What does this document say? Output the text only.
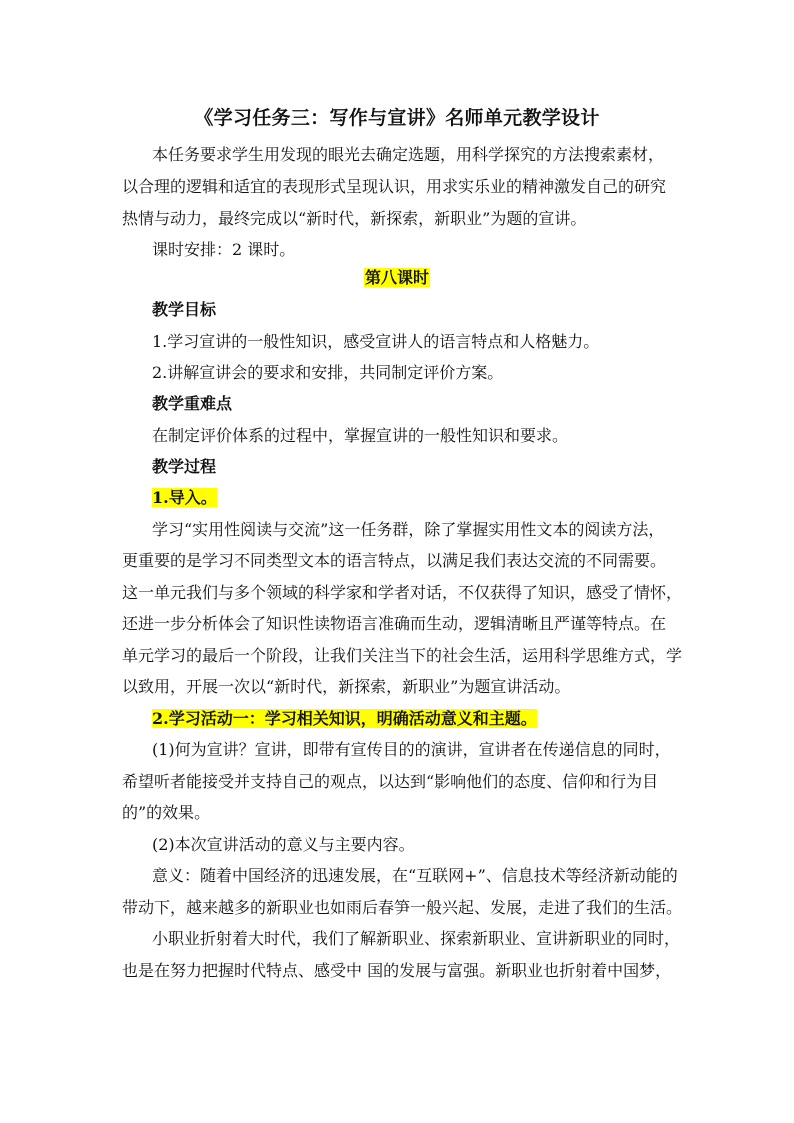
《学习任务三：写作与宣讲》名师单元教学设计
本任务要求学生用发现的眼光去确定选题，用科学探究的方法搜索素材，
以合理的逻辑和适宜的表现形式呈现认识，用求实乐业的精神激发自己的研究
热情与动力，最终完成以“新时代，新探索，新职业”为题的宣讲。
课时安排：2 课时。
第八课时
教学目标
1.学习宣讲的一般性知识，感受宣讲人的语言特点和人格魅力。
2.讲解宣讲会的要求和安排，共同制定评价方案。
教学重难点
在制定评价体系的过程中，掌握宣讲的一般性知识和要求。
教学过程
1.导入。
学习“实用性阅读与交流”这一任务群，除了掌握实用性文本的阅读方法，
更重要的是学习不同类型文本的语言特点，以满足我们表达交流的不同需要。
这一单元我们与多个领域的科学家和学者对话，不仅获得了知识，感受了情怀，
还进一步分析体会了知识性读物语言准确而生动，逻辑清晰且严谨等特点。在
单元学习的最后一个阶段，让我们关注当下的社会生活，运用科学思维方式，学
以致用，开展一次以“新时代，新探索，新职业”为题宣讲活动。
2.学习活动一：学习相关知识，明确活动意义和主题。
(1)何为宣讲？宣讲，即带有宣传目的的演讲，宣讲者在传递信息的同时，
希望听者能接受并支持自己的观点，以达到“影响他们的态度、信仰和行为目
的”的效果。
(2)本次宣讲活动的意义与主要内容。
意义：随着中国经济的迅速发展，在“互联网+”、信息技术等经济新动能的
带动下，越来越多的新职业也如雨后春笋一般兴起、发展，走进了我们的生活。
小职业折射着大时代，我们了解新职业、探索新职业、宣讲新职业的同时，
也是在努力把握时代特点、感受中 国的发展与富强。新职业也折射着中国梦，
